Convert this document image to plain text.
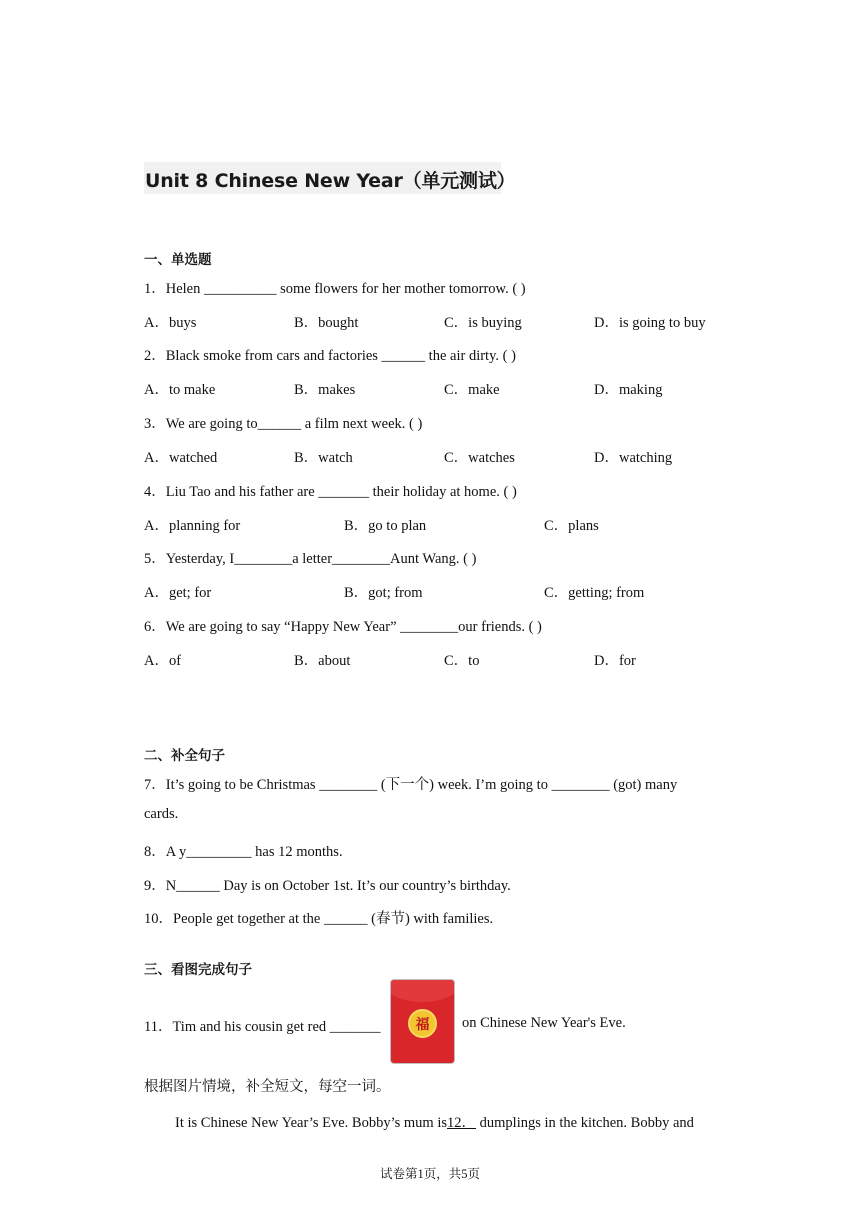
Unit 8 Chinese New Year（单元测试）
一、单选题
1．Helen __________ some flowers for her mother tomorrow. ( )
A．buys	B．bought	C．is buying	D．is going to buy
2．Black smoke from cars and factories ______ the air dirty. ( )
A．to make	B．makes	C．make	D．making
3．We are going to______ a film next week. ( )
A．watched	B．watch	C．watches	D．watching
4．Liu Tao and his father are _______ their holiday at home. ( )
A．planning for	B．go to plan	C．plans
5．Yesterday, I________a letter________Aunt Wang. ( )
A．get; for	B．got; from	C．getting; from
6．We are going to say “Happy New Year” ________our friends. ( )
A．of	B．about	C．to	D．for
二、补全句子
7．It’s going to be Christmas ________ (下一个) week. I’m going to ________ (got) many
cards.
8．A y_________ has 12 months.
9．N______ Day is on October 1st. It’s our country’s birthday.
10．People get together at the ______ (春节) with families.
三、看图完成句子
11．Tim and his cousin get red _______ 福 on Chinese New Year's Eve.
根据图片情境，补全短文，每空一词。
It is Chinese New Year’s Eve. Bobby’s mum is12． dumplings in the kitchen. Bobby and
试卷第1页，共5页
